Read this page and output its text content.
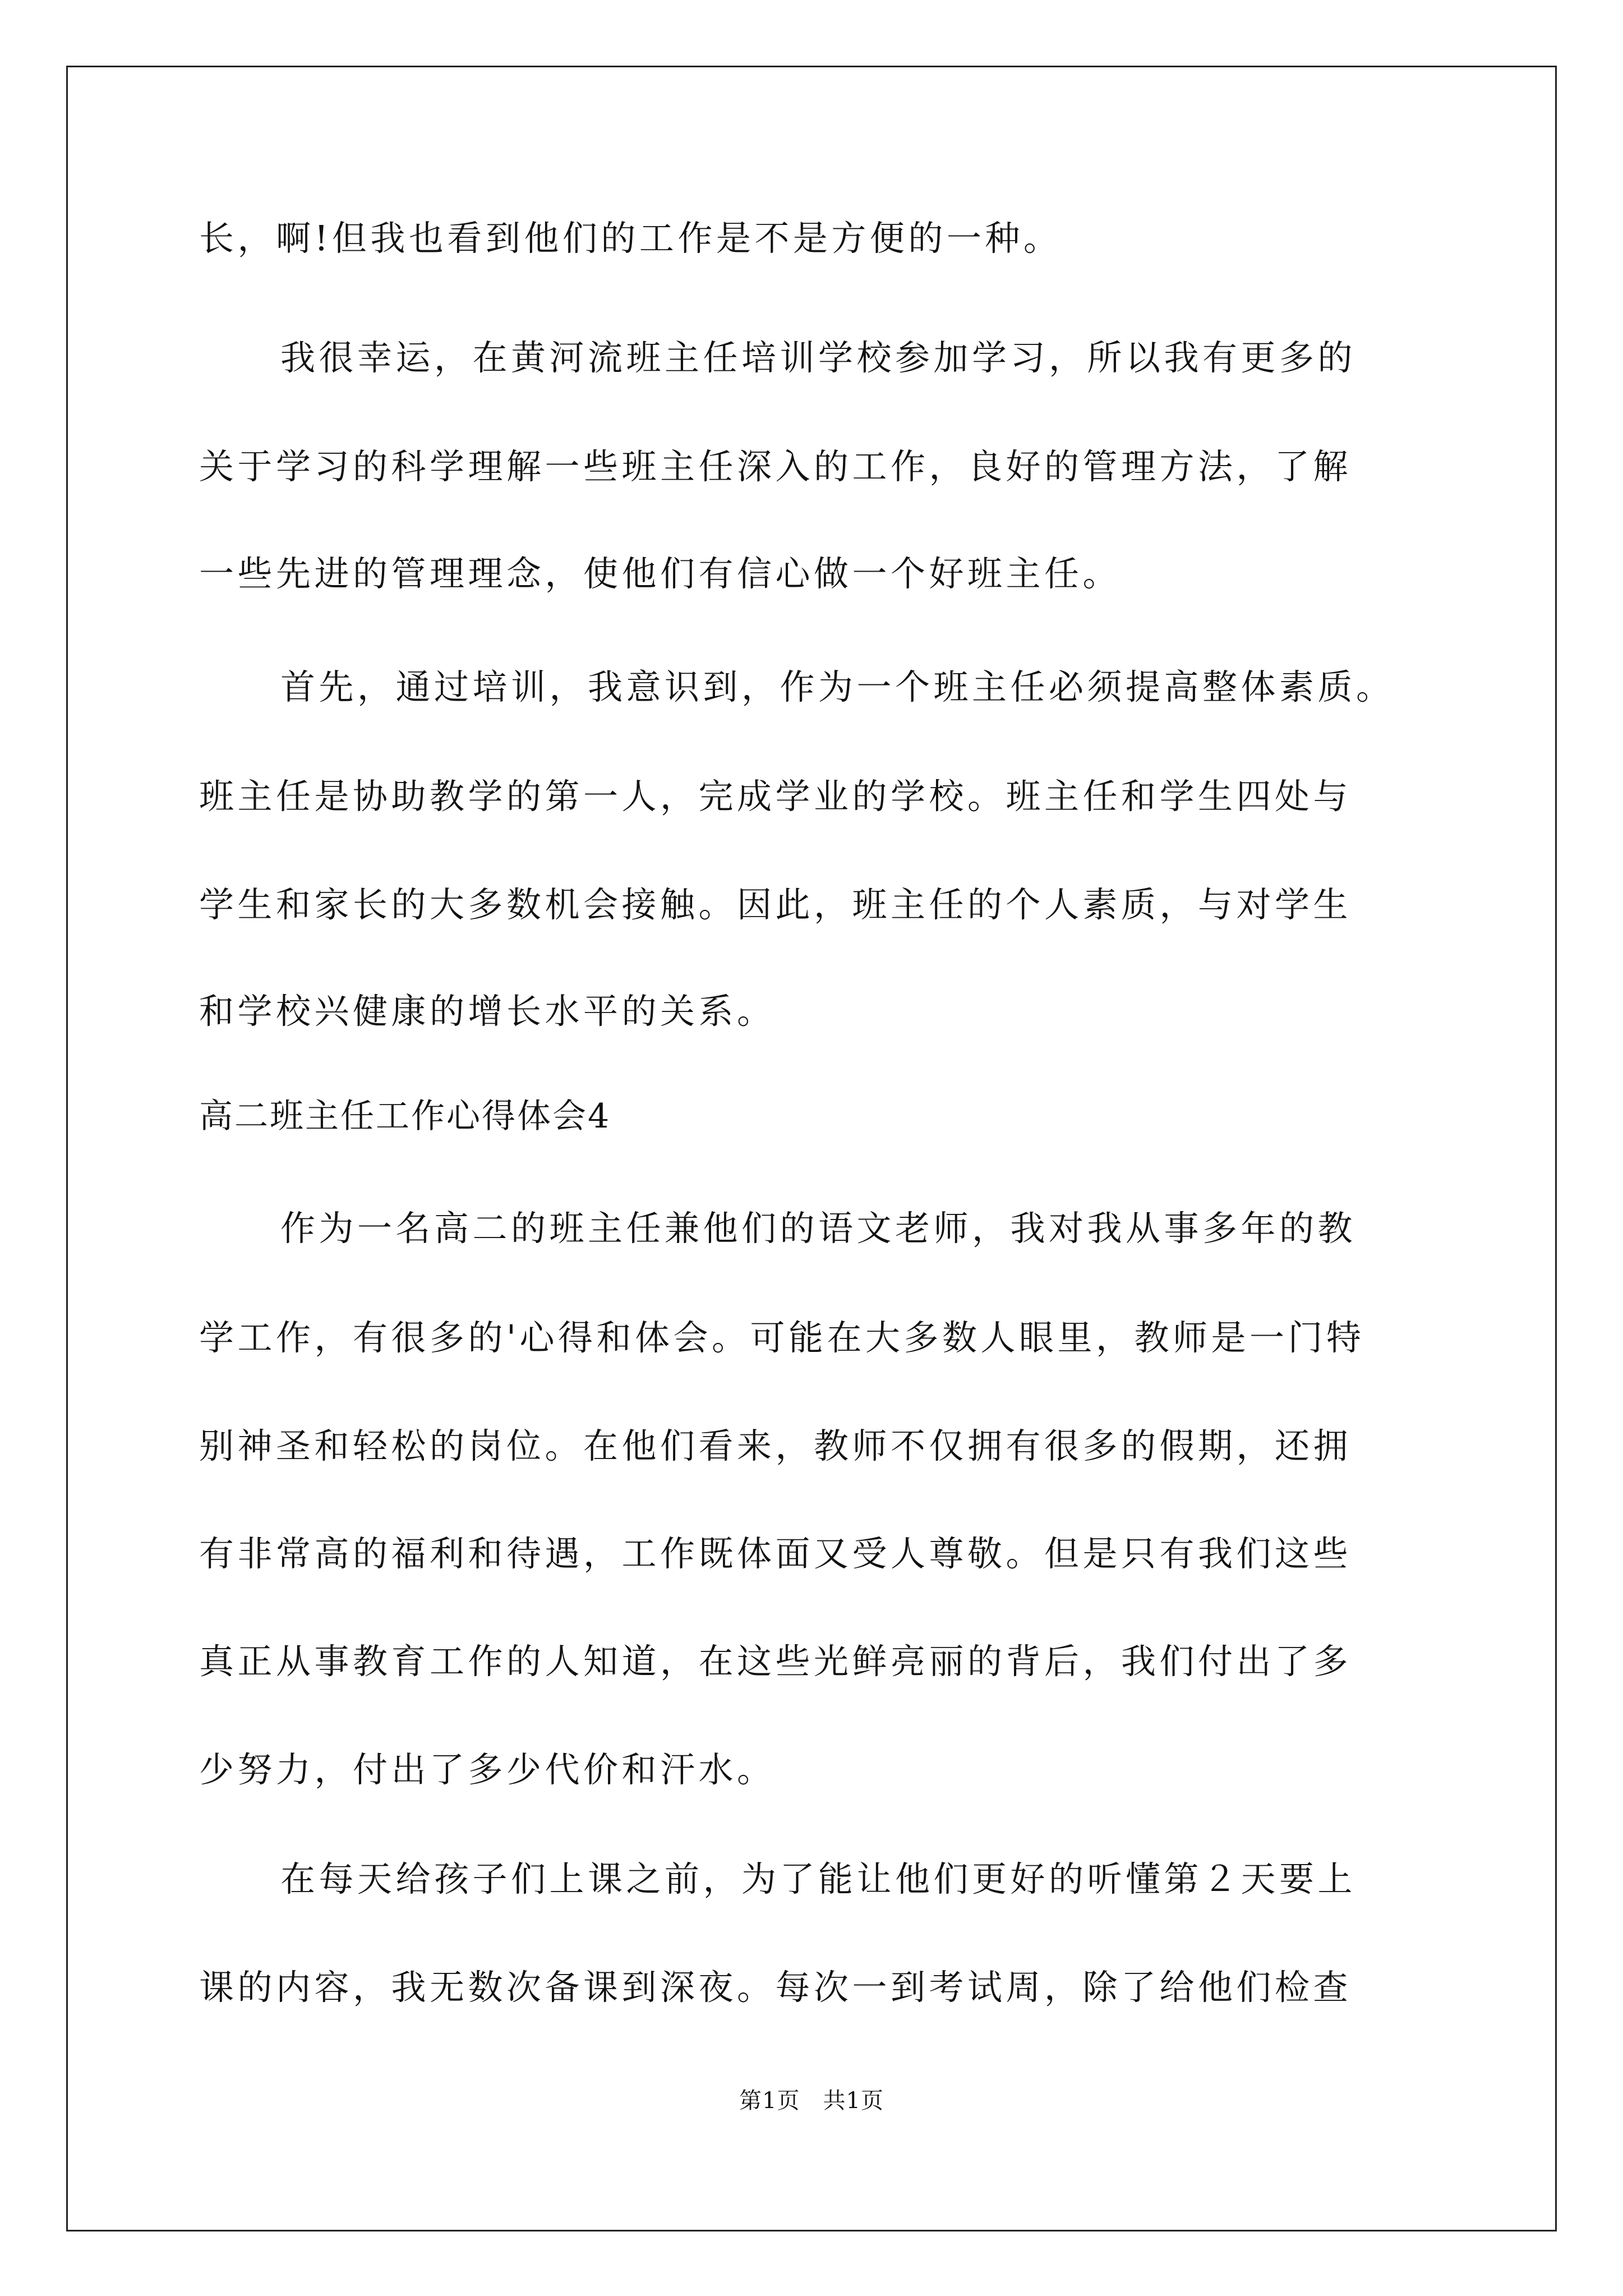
长，啊!但我也看到他们的工作是不是方便的一种。

我很幸运，在黄河流班主任培训学校参加学习，所以我有更多的

关于学习的科学理解一些班主任深入的工作，良好的管理方法，了解

一些先进的管理理念，使他们有信心做一个好班主任。

首先，通过培训，我意识到，作为一个班主任必须提高整体素质。

班主任是协助教学的第一人，完成学业的学校。班主任和学生四处与

学生和家长的大多数机会接触。因此，班主任的个人素质，与对学生

和学校兴健康的增长水平的关系。

高二班主任工作心得体会4

作为一名高二的班主任兼他们的语文老师，我对我从事多年的教

学工作，有很多的'心得和体会。可能在大多数人眼里，教师是一门特

别神圣和轻松的岗位。在他们看来，教师不仅拥有很多的假期，还拥

有非常高的福利和待遇，工作既体面又受人尊敬。但是只有我们这些

真正从事教育工作的人知道，在这些光鲜亮丽的背后，我们付出了多

少努力，付出了多少代价和汗水。

在每天给孩子们上课之前，为了能让他们更好的听懂第２天要上

课的内容，我无数次备课到深夜。每次一到考试周，除了给他们检查

第1页　共1页
